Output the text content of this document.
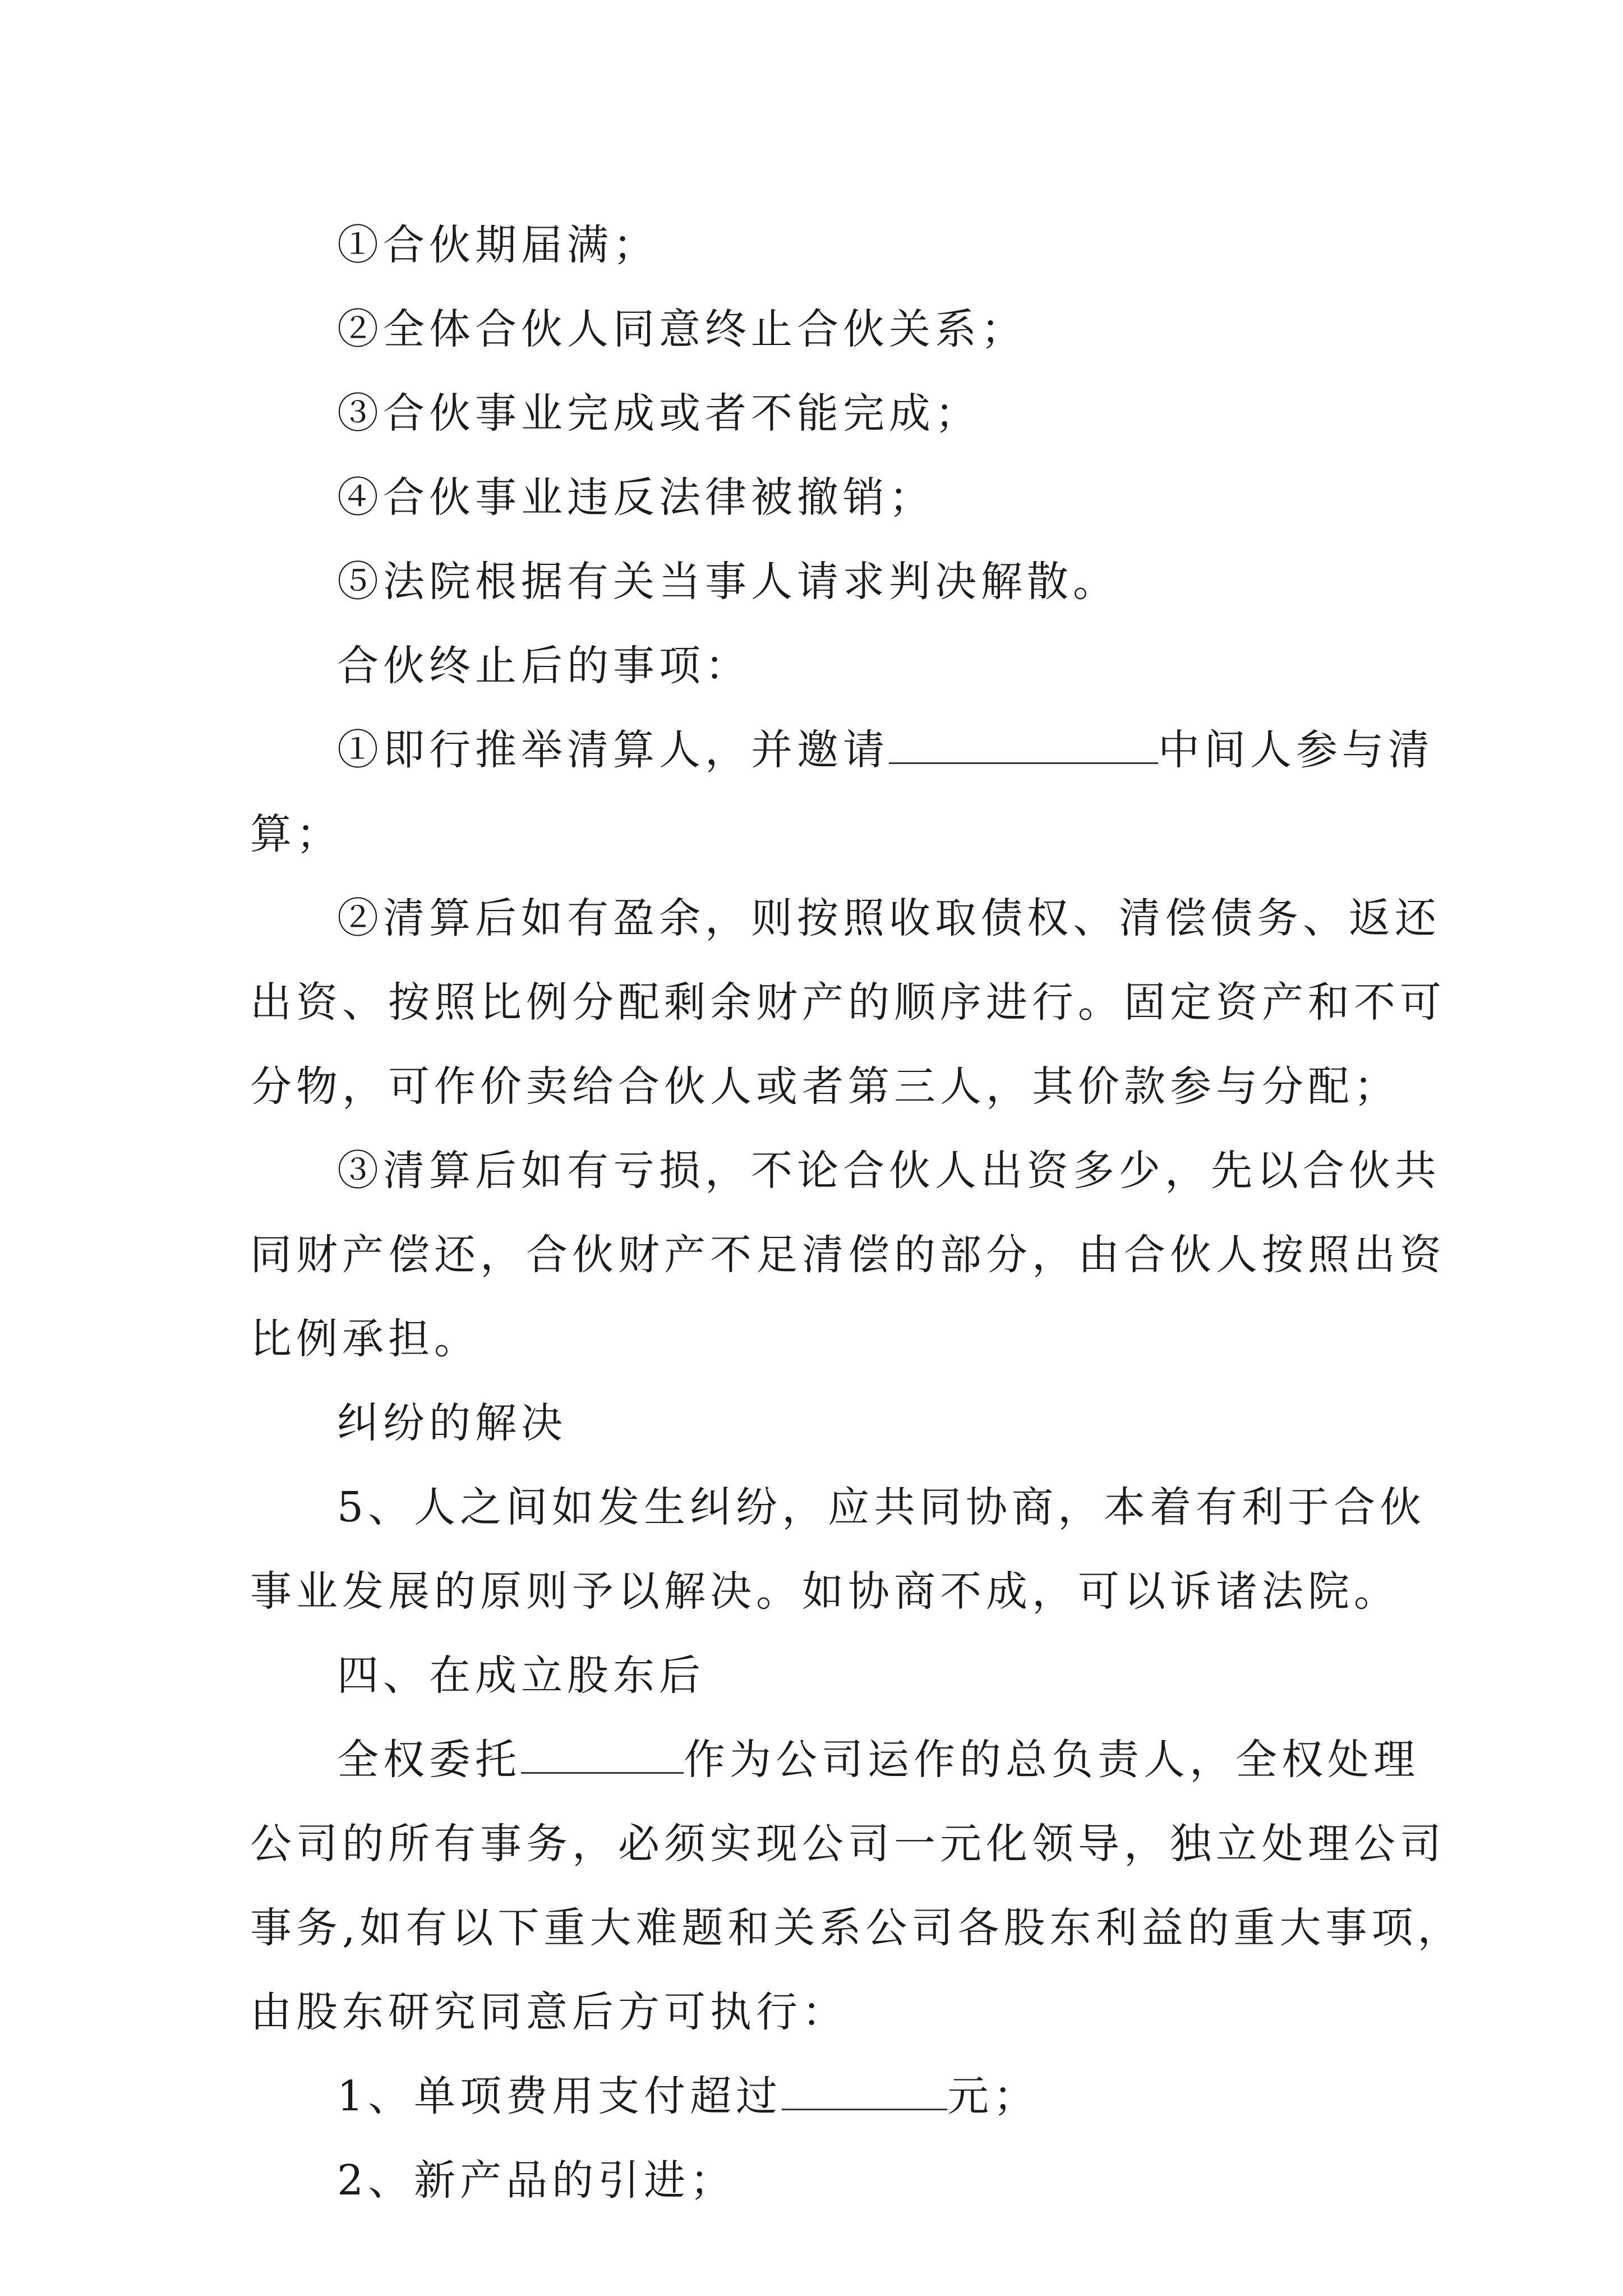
①合伙期届满；

②全体合伙人同意终止合伙关系；

③合伙事业完成或者不能完成；

④合伙事业违反法律被撤销；

⑤法院根据有关当事人请求判决解散。

合伙终止后的事项：

①即行推举清算人，并邀请	中间人参与清

算；

②清算后如有盈余，则按照收取债权、清偿债务、返还

出资、按照比例分配剩余财产的顺序进行。固定资产和不可

分物，可作价卖给合伙人或者第三人，其价款参与分配；

③清算后如有亏损，不论合伙人出资多少，先以合伙共

同财产偿还，合伙财产不足清偿的部分，由合伙人按照出资

比例承担。

纠纷的解决

5、人之间如发生纠纷，应共同协商，本着有利于合伙

事业发展的原则予以解决。如协商不成，可以诉诸法院。

四、在成立股东后

全权委托	作为公司运作的总负责人，全权处理

公司的所有事务，必须实现公司一元化领导，独立处理公司

事务,如有以下重大难题和关系公司各股东利益的重大事项，

由股东研究同意后方可执行：

1、单项费用支付超过	元；

2、新产品的引进；
